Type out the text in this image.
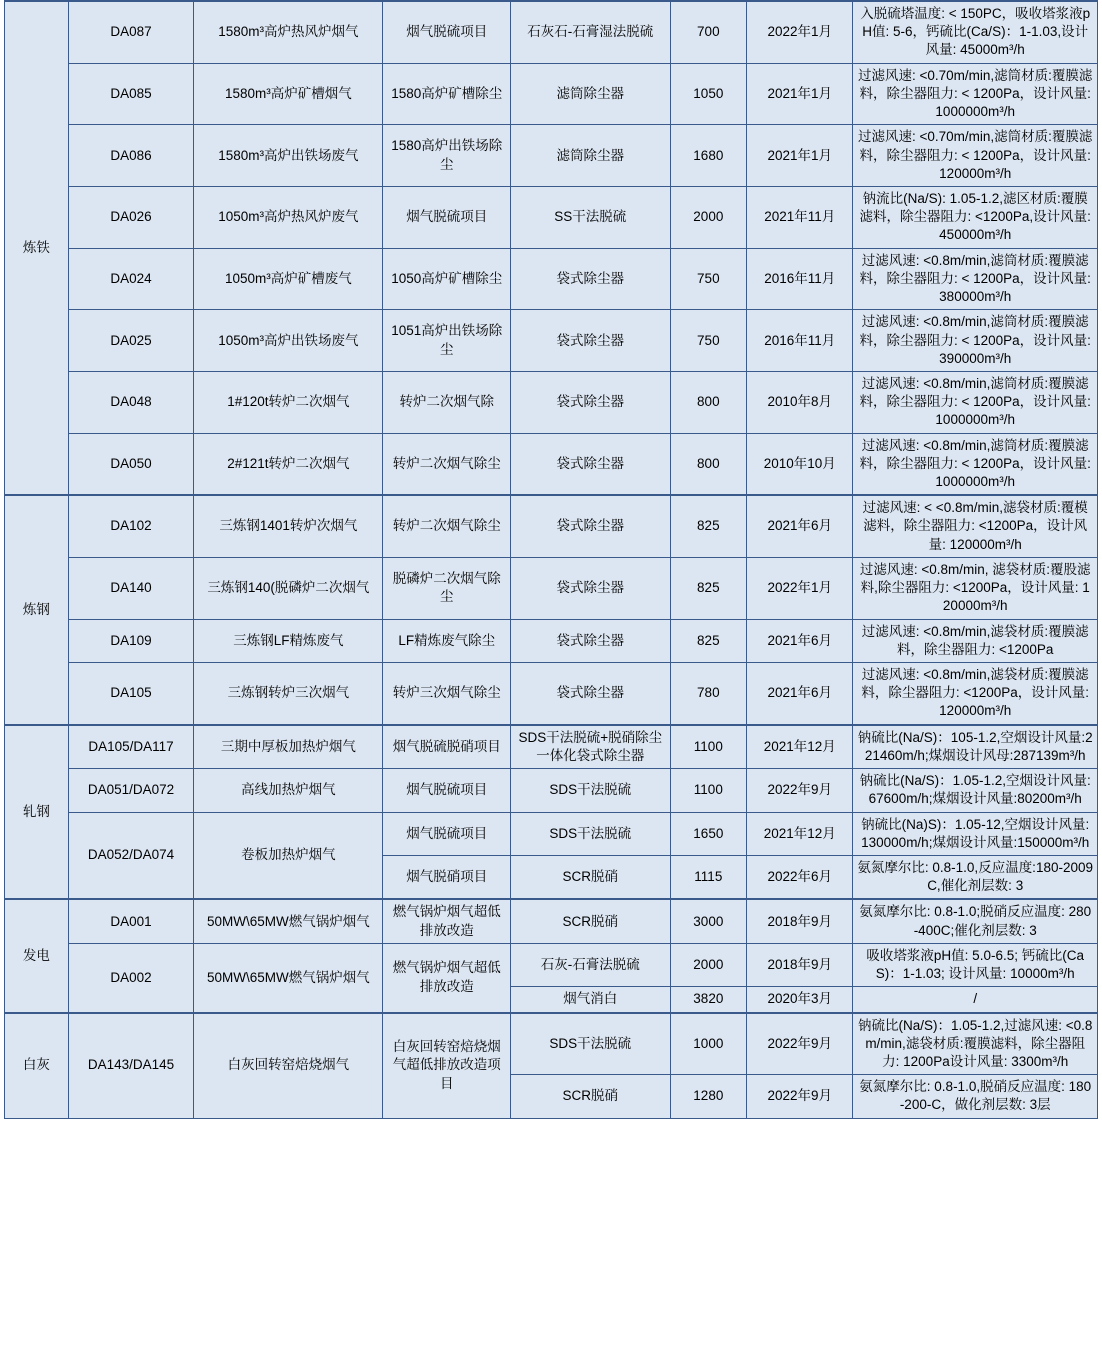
炼铁	DA087	1580m³高炉热风炉烟气	烟气脱硫项目	石灰石-石膏湿法脱硫	700	2022年1月	入脱硫塔温度: < 150PC，吸收塔浆液pH值: 5-6，钙硫比(Ca/S)：1-1.03,设计风量: 45000m³/h
	DA085	1580m³高炉矿槽烟气	1580高炉矿槽除尘	滤筒除尘器	1050	2021年1月	过滤风速: <0.70m/min,滤筒材质:覆膜滤料，除尘器阻力: < 1200Pa，设计风量: 1000000m³/h
	DA086	1580m³高炉出铁场废气	1580高炉出铁场除尘	滤筒除尘器	1680	2021年1月	过滤风速: <0.70m/min,滤筒材质:覆膜滤料，除尘器阻力: < 1200Pa，设计风量: 120000m³/h
	DA026	1050m³高炉热风炉废气	烟气脱硫项目	SS干法脱硫	2000	2021年11月	钠流比(Na/S): 1.05-1.2,滤区材质:覆膜滤料，除尘器阻力: <1200Pa,设计风量: 450000m³/h
	DA024	1050m³高炉矿槽废气	1050高炉矿槽除尘	袋式除尘器	750	2016年11月	过滤风速: <0.8m/min,滤筒材质:覆膜滤料，除尘器阻力: < 1200Pa，设计风量: 380000m³/h
	DA025	1050m³高炉出铁场废气	1051高炉出铁场除尘	袋式除尘器	750	2016年11月	过滤风速: <0.8m/min,滤筒材质:覆膜滤料，除尘器阻力: < 1200Pa，设计风量: 390000m³/h
	DA048	1#120t转炉二次烟气	转炉二次烟气除	袋式除尘器	800	2010年8月	过滤风速: <0.8m/min,滤筒材质:覆膜滤料，除尘器阻力: < 1200Pa，设计风量: 1000000m³/h
	DA050	2#121t转炉二次烟气	转炉二次烟气除尘	袋式除尘器	800	2010年10月	过滤风速: <0.8m/min,滤筒材质:覆膜滤料，除尘器阻力: < 1200Pa，设计风量: 1000000m³/h
炼钢	DA102	三炼钢1401转炉次烟气	转炉二次烟气除尘	袋式除尘器	825	2021年6月	过滤风速: < <0.8m/min,滤袋材质:覆模滤料，除尘器阻力: <1200Pa，设计风量: 120000m³/h
	DA140	三炼钢140(脱磷炉二次烟气	脱磷炉二次烟气除尘	袋式除尘器	825	2022年1月	过滤风速: <0.8m/min, 滤袋材质:覆股滤料,除尘器阻力: <1200Pa，设计风量: 120000m³/h
	DA109	三炼钢LF精炼废气	LF精炼废气除尘	袋式除尘器	825	2021年6月	过滤风速: <0.8m/min,滤袋材质:覆膜滤料，除尘器阻力: <1200Pa
	DA105	三炼钢转炉三次烟气	转炉三次烟气除尘	袋式除尘器	780	2021年6月	过滤风速: <0.8m/min,滤袋材质:覆膜滤料，除尘器阻力: <1200Pa，设计风量: 120000m³/h
轧钢	DA105/DA117	三期中厚板加热炉烟气	烟气脱硫脱硝项目	SDS干法脱硫+脱硝除尘一体化袋式除尘器	1100	2021年12月	钠硫比(Na/S)：105-1.2,空烟设计风量:221460m/h;煤烟设计风母:287139m³/h
	DA051/DA072	高线加热炉烟气	烟气脱硫项目	SDS干法脱硫	1100	2022年9月	钠硫比(Na/S)：1.05-1.2,空烟设计风量:67600m/h;煤烟设计风量:80200m³/h
	DA052/DA074	卷板加热炉烟气	烟气脱硫项目	SDS干法脱硫	1650	2021年12月	钠硫比(Na)S)：1.05-12,空烟设计风量: 130000m/h;煤烟设计风量:150000m³/h
			烟气脱硝项目	SCR脱硝	1115	2022年6月	氨氮摩尔比: 0.8-1.0,反应温度:180-2009C,催化剂层数: 3
发电	DA001	50MW\65MW燃气锅炉烟气	燃气锅炉烟气超低排放改造	SCR脱硝	3000	2018年9月	氨氮摩尔比: 0.8-1.0;脱硝反应温度: 280-400C;催化剂层数: 3
	DA002	50MW\65MW燃气锅炉烟气	燃气锅炉烟气超低排放改造	石灰-石膏法脱硫	2000	2018年9月	吸收塔浆液pH值: 5.0-6.5; 钙硫比(CaS)：1-1.03; 设计风量: 10000m³/h
				烟气消白	3820	2020年3月	/
白灰	DA143/DA145	白灰回转窑焙烧烟气	白灰回转窑焙烧烟气超低排放改造项目	SDS干法脱硫	1000	2022年9月	钠硫比(Na/S)：1.05-1.2,过滤风速: <0.8m/min,滤袋材质:覆膜滤料，除尘器阻力: 1200Pa设计风量: 3300m³/h
				SCR脱硝	1280	2022年9月	氨氮摩尔比: 0.8-1.0,脱硝反应温度: 180-200-C，做化剂层数: 3层
